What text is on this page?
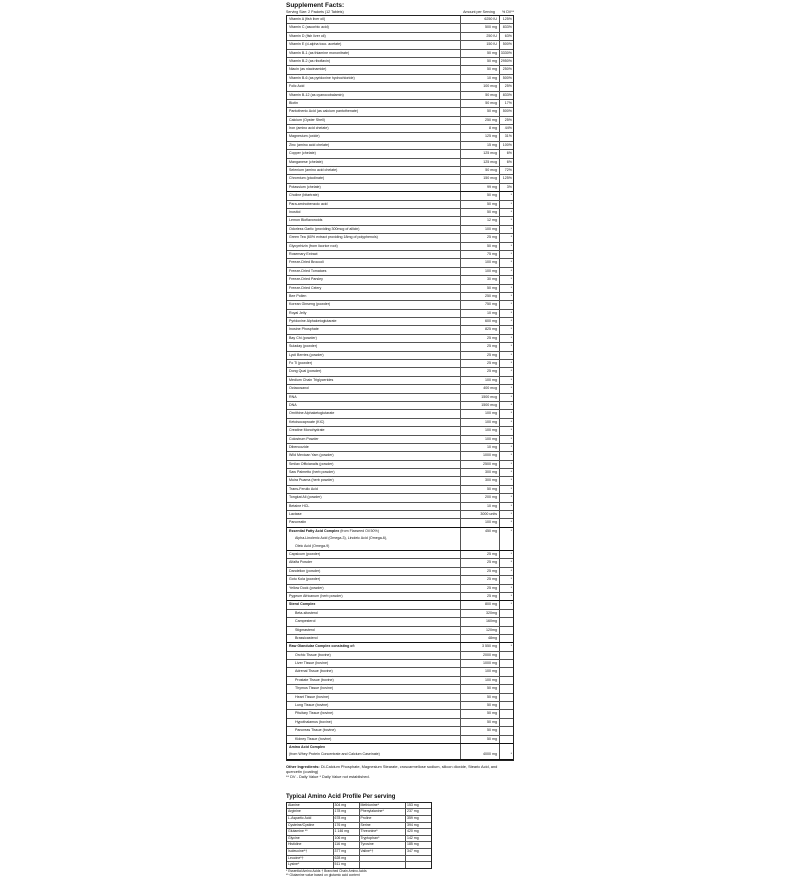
Supplement Facts:
Serving Size: 2 Packets (12 Tablets)	Amount per Serving	% DV**
Vitamin A (fish liver oil)	6250 IU	125%
Vitamin C (ascorbic acid)	500 mg	833%
Vitamin D (fish liver oil)	250 IU	63%
Vitamin E (d-alpha toco. acetate)	150 IU	500%
Vitamin B-1 (as thiamine mononitrate)	50 mg	3330%
Vitamin B-2 (as riboflavin)	50 mg	2950%
Niacin (as niacinamide)	50 mg	250%
Vitamin B-6 (as pyridoxine hydrochloride)	10 mg	500%
Folic Acid	100 mcg	25%
Vitamin B-12 (as cyanocobalamin)	50 mcg	833%
Biotin	50 mcg	17%
Pantothenic Acid (as calcium pantothenate)	50 mg	500%
Calcium (Oyster Shell)	250 mg	25%
Iron (amino acid chelate)	8 mg	44%
Magnesium (oxide)	125 mg	31%
Zinc (amino acid chelate)	15 mg	100%
Copper (chelate)	125 mcg	6%
Manganese (chelate)	125 mcg	6%
Selenium (amino acid chelate)	50 mcg	72%
Chromium (picolinate)	150 mcg	125%
Potassium (chelate)	99 mg	3%
Choline (bitartrate)	50 mg	*
Para-aminobenzoic acid	50 mg	*
Inositol	50 mg	*
Lemon Bioflavonoids	12 mg	*
Odorless Garlic (providing 300mcg of allicin)	100 mg	*
Green Tea (60% extract providing 18mg of polyphenols)	25 mg	*
Glycyrrhizin (from licorice root)	50 mg	*
Rosemary Extract	75 mg	*
Freeze-Dried Broccoli	100 mg	*
Freeze-Dried Tomatoes	100 mg	*
Freeze-Dried Parsley	30 mg	*
Freeze-Dried Celery	50 mg	*
Bee Pollen	250 mg	*
Korean Ginseng (powder)	750 mg	*
Royal Jelly	10 mg	*
Pyridoxine Alphaketoglutarate	600 mg	*
Inosine Phosphate	825 mg	*
Bay Chi (powder)	25 mg	*
Suladay (powder)	25 mg	*
Lycii Berries (powder)	25 mg	*
Fo Ti (powder)	25 mg	*
Dong Quai (powder)	25 mg	*
Medium Chain Triglycerides	100 mg	*
Octacosanol	400 mcg	*
RNA	1500 mcg	*
DNA	1500 mcg	*
Ornithine Alphaketoglutarate	100 mg	*
Ketoisocaproate (KIC)	100 mg	*
Creatine Monohydrate	100 mg	*
Colostrum Powder	100 mg	*
Dibencozide	10 mg	*
Wild Mexican Yam (powder)	1000 mg	*
Smilax Officianalis (powder)	2500 mg	*
Saw Palmetto (herb powder)	300 mg	*
Muira Puama (herb powder)	300 mg	*
Trans-Ferulic Acid	50 mg	*
Tongkat Ali (powder)	200 mg	*
Betaine HCL	10 mg	*
Lactase	3000 units	*
Pancreatin	100 mg	*
Essential Fatty Acid Complex (from Flaxseed Oil 50%)	450 mg	*
Alpha-Linolenic Acid (Omega-3), Linoleic Acid (Omega-6),
Oleic Acid (Omega-9)
Capsicum (powder)	25 mg	*
Alfalfa Powder	25 mg	*
Dandelion (powder)	25 mg	*
Gotu Kola (powder)	25 mg	*
Yellow Dock (powder)	25 mg	*
Pygeum Africanum (herb powder)	25 mg	*
Sterol Complex	800 mg	*
Beta-sitosterol	320mg
Campesterol	160mg
Stigmasterol	120mg
Brassicasterol	48mg
Raw Glandular Complex consisting of:	3 550 mg	*
Orchic Tissue (bovine)	2000 mg
Liver Tissue (bovine)	1000 mg
Adrenal Tissue (bovine)	100 mg
Prostate Tissue (bovine)	100 mg
Thymus Tissue (bovine)	50 mg
Heart Tissue (bovine)	50 mg
Lung Tissue (bovine)	50 mg
Pituitary Tissue (bovine)	50 mg
Hypothalamus (bovine)	50 mg
Pancreas Tissue (bovine)	50 mg
Kidney Tissue (bovine)	50 mg
Amino Acid Complex
(from Whey Protein Concentrate and Calcium Caseinate)	4000 mg	*
Other Ingredients: Di-Calcium Phosphate, Magnesium Stearate, croscarmellose sodium, silicon dioxide, Stearic Acid, and quercetin (coating)
** DV - Daily Value * Daily Value not established.
Typical Amino Acid Profile Per serving
Alanine	304 mg	Methionine*	153 mg
Arginine	178 mg	Phenylalanine*	237 mg
L-Aspartic Acid	678 mg	Proline	359 mg
Cysteine/Cystine	176 mg	Serine	394 mg
Glutamine **	1 146 mg	Threonine*	420 mg
Glycine	106 mg	Tryptophan*	142 mg
Histidine	116 mg	Tyrosine	185 mg
Isoleucine*†	377 mg	Valine*†	347 mg
Leucine*†	628 mg
Lysine*	511 mg
* Essential Amino Acids † Branched Chain Amino Acids
** Glutamine value based on glutamic acid content
